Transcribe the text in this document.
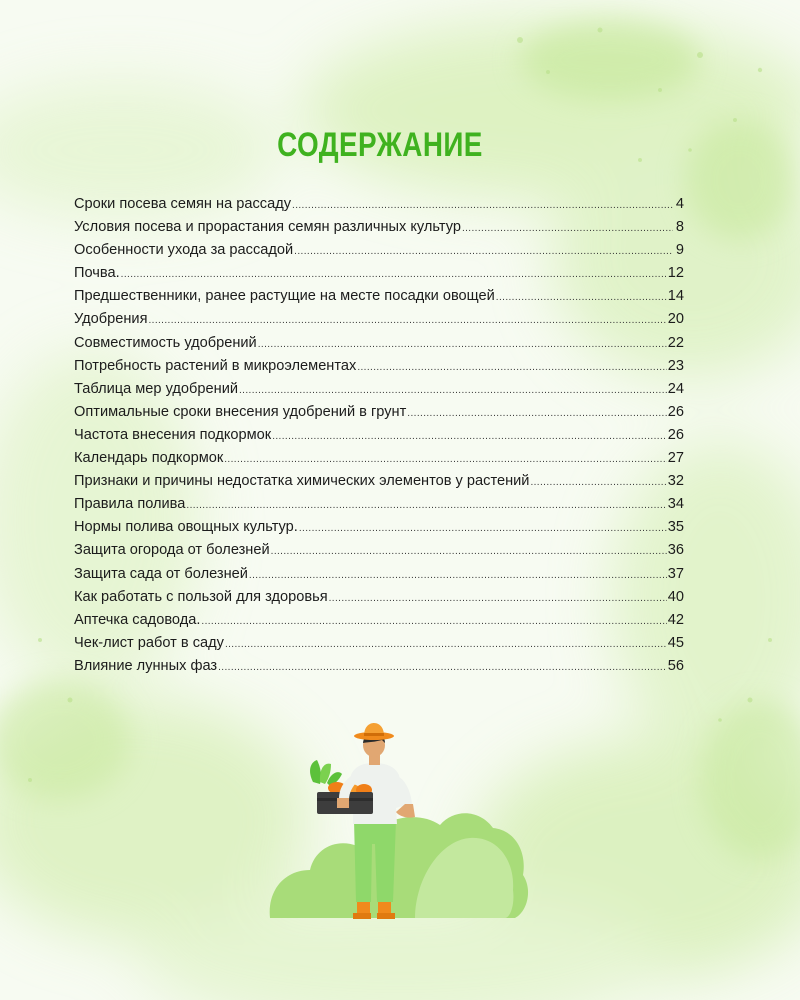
СОДЕРЖАНИЕ
Сроки посева семян на рассаду .....	4
Условия посева и прорастания семян различных культур .....	8
Особенности ухода за рассадой .....	9
Почва. .....	12
Предшественники, ранее растущие на месте посадки овощей .....	14
Удобрения .....	20
Совместимость удобрений .....	22
Потребность растений в микроэлементах .....	23
Таблица мер удобрений .....	24
Оптимальные сроки внесения удобрений в грунт .....	26
Частота внесения подкормок .....	26
Календарь подкормок .....	27
Признаки и причины недостатка химических элементов у растений .....	32
Правила полива .....	34
Нормы полива овощных культур. .....	35
Защита огорода от болезней .....	36
Защита сада от болезней .....	37
Как работать с пользой для здоровья .....	40
Аптечка садовода. .....	42
Чек-лист работ в саду .....	45
Влияние лунных фаз .....	56
